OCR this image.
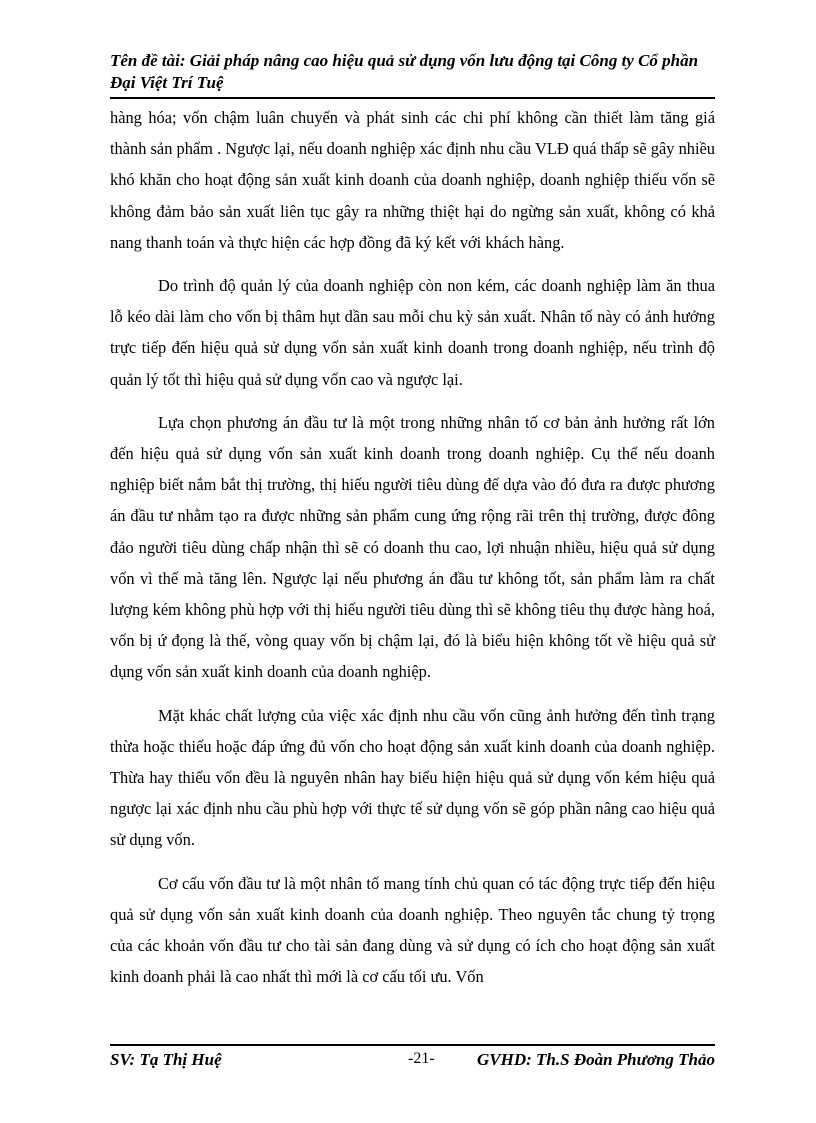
Tên đề tài: Giải pháp nâng cao hiệu quả sử dụng vốn lưu động tại Công ty Cổ phần Đại Việt Trí Tuệ

hàng hóa; vốn chậm luân chuyển và phát sinh các chi phí không cần thiết làm tăng giá thành sản phẩm . Ngược lại, nếu doanh nghiệp xác định nhu cầu VLĐ quá thấp sẽ gây nhiều khó khăn cho hoạt động sản xuất kinh doanh của doanh nghiệp, doanh nghiệp thiếu vốn sẽ không đảm bảo sản xuất liên tục gây ra những thiệt hại do ngừng sản xuất, không có khả nang thanh toán và thực hiện các hợp đồng đã ký kết với khách hàng.

Do trình độ quản lý của doanh nghiệp còn non kém, các doanh nghiệp làm ăn thua lỗ kéo dài làm cho vốn bị thâm hụt dần sau mỗi chu kỳ sản xuất. Nhân tố này có ảnh hưởng trực tiếp đến hiệu quả sử dụng vốn sản xuất kinh doanh trong doanh nghiệp, nếu trình độ quản lý tốt thì hiệu quả sử dụng vốn cao và ngược lại.

Lựa chọn phương án đầu tư là một trong những nhân tố cơ bản ảnh hưởng rất lớn đến hiệu quả sử dụng vốn sản xuất kinh doanh trong doanh nghiệp. Cụ thể nếu doanh nghiệp biết nắm bắt thị trường, thị hiếu người tiêu dùng để dựa vào đó đưa ra được phương án đầu tư nhằm tạo ra được những sản phẩm cung ứng rộng rãi trên thị trường, được đông đảo người tiêu dùng chấp nhận thì sẽ có doanh thu cao, lợi nhuận nhiều, hiệu quả sử dụng vốn vì thế mà tăng lên. Ngược lại nếu phương án đầu tư không tốt, sản phẩm làm ra chất lượng kém không phù hợp với thị hiếu người tiêu dùng thì sẽ không tiêu thụ được hàng hoá, vốn bị ứ đọng là thế, vòng quay vốn bị chậm lại, đó là biểu hiện không tốt về hiệu quả sử dụng vốn sản xuất kinh doanh của doanh nghiệp.

Mặt khác chất lượng của việc xác định nhu cầu vốn cũng ảnh hưởng đến tình trạng thừa hoặc thiếu hoặc đáp ứng đủ vốn cho hoạt động sản xuất kinh doanh của doanh nghiệp. Thừa hay thiếu vốn đều là nguyên nhân hay biểu hiện hiệu quả sử dụng vốn kém hiệu quả ngược lại xác định nhu cầu phù hợp với thực tế sử dụng vốn sẽ góp phần nâng cao hiệu quả sử dụng vốn.

Cơ cấu vốn đầu tư là một nhân tố mang tính chủ quan có tác động trực tiếp đến hiệu quả sử dụng vốn sản xuất kinh doanh của doanh nghiệp. Theo nguyên tắc chung tỷ trọng của các khoản vốn đầu tư cho tài sản đang dùng và sử dụng có ích cho hoạt động sản xuất kinh doanh phải là cao nhất thì mới là cơ cấu tối ưu. Vốn

SV: Tạ Thị Huệ	-21- GVHD: Th.S Đoàn Phương Thảo
